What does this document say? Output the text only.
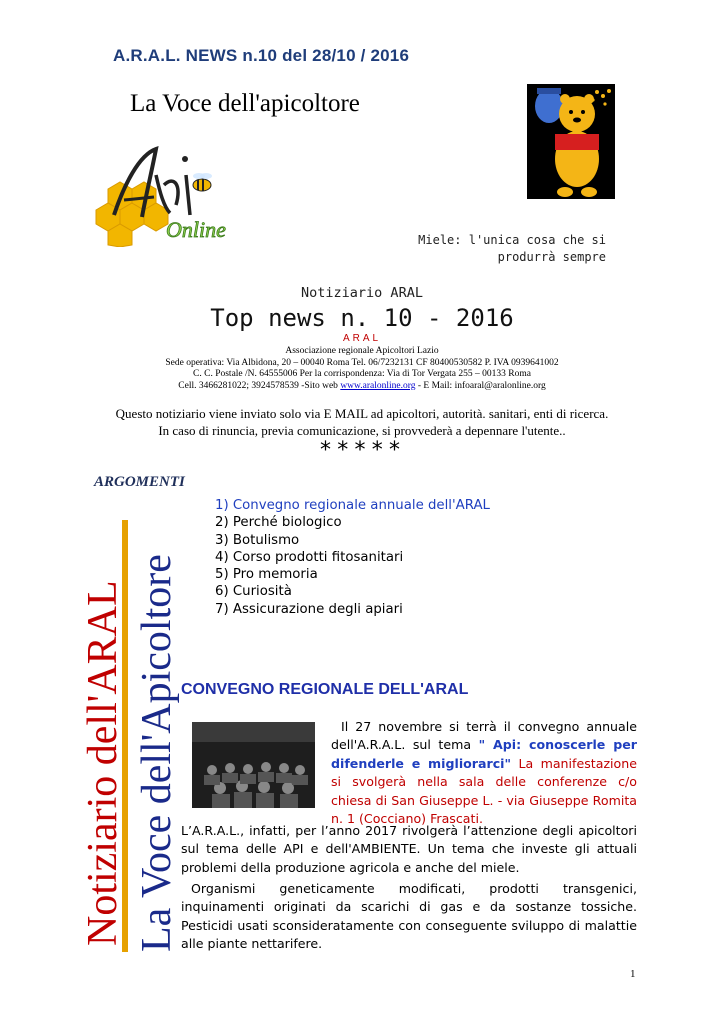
A.R.A.L. NEWS n.10 del 28/10 / 2016
La Voce dell'apicoltore
Online	Miele: l'unica cosa che si
produrrà sempre
Notiziario ARAL
Top news n. 10 - 2016
ARAL
Associazione regionale Apicoltori Lazio
Sede operativa: Via Albidona, 20 – 00040 Roma Tel. 06/7232131 CF 80400530582 P. IVA 0939641002
C. C. Postale /N. 64555006 Per la corrispondenza: Via di Tor Vergata 255 – 00133 Roma
Cell. 3466281022; 3924578539 -Sito web www.aralonline.org - E Mail: infoaral@aralonline.org
Questo notiziario viene inviato solo via E MAIL ad apicoltori, autorità. sanitari, enti di ricerca.
In caso di rinuncia, previa comunicazione, si provvederà a depennare l'utente..
*****
ARGOMENTI
1) Convegno regionale annuale dell'ARAL
2) Perché biologico
3) Botulismo
4) Corso prodotti fitosanitari
5) Pro memoria
6) Curiosità
7) Assicurazione degli apiari
Notiziario dell'ARAL La Voce dell'Apicoltore CONVEGNO REGIONALE DELL'ARAL
Il 27 novembre si terrà il convegno annuale dell'A.R.A.L. sul tema " Api: conoscerle per difenderle e migliorarci" La manifestazione si svolgerà nella sala delle conferenze c/o chiesa di San Giuseppe L. - via Giuseppe Romita n. 1 (Cocciano) Frascati.
L’A.R.A.L., infatti, per l’anno 2017 rivolgerà l’attenzione degli apicoltori sul tema delle API e dell'AMBIENTE. Un tema che investe gli attuali problemi della produzione agricola e anche del miele.
Organismi geneticamente modificati, prodotti transgenici, inquinamenti originati da scarichi di gas e da sostanze tossiche. Pesticidi usati sconsideratamente con conseguente sviluppo di malattie alle piante nettarifere.
1
